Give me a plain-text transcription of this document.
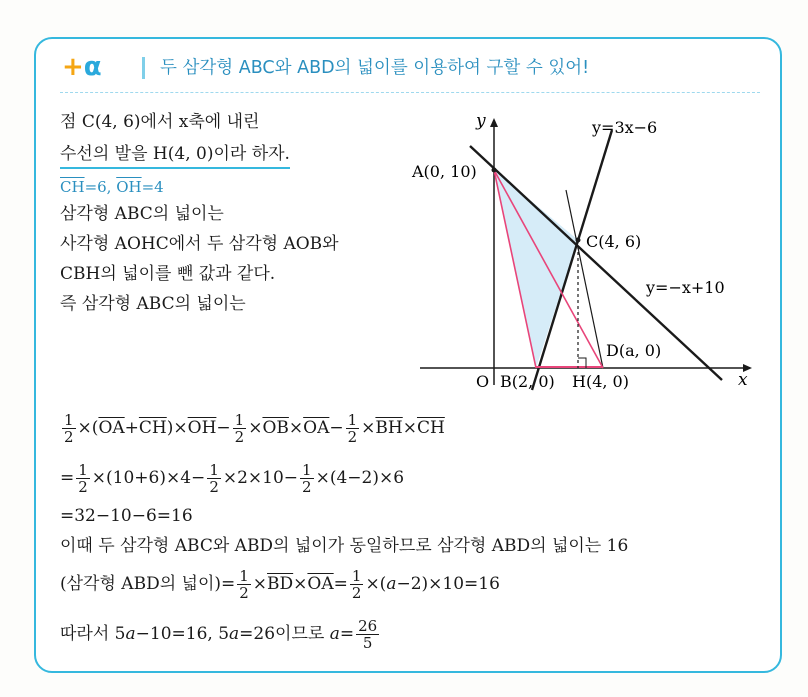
+α	두 삼각형 ABC와 ABD의 넓이를 이용하여 구할 수 있어!
점 C(4, 6)에서 x축에 내린
수선의 발을 H(4, 0)이라 하자.
$\overline{CH}=6$, $\overline{OH}=4$
삼각형 ABC의 넓이는
사각형 AOHC에서 두 삼각형 AOB와
CBH의 넓이를 뺀 값과 같다.
즉 삼각형 ABC의 넓이는
y
x
O
A(0, 10)
C(4, 6)
B(2, 0) H(4, 0)
D(a, 0)
y=3x−6
y=−x+10
$\frac{1}{2} \times(\overline{OA}+\overline{CH})\times\overline{OH}- \frac{1}{2} \times\overline{OB}\times\overline{OA}- \frac{1}{2} \times\overline{BH}\times\overline{CH}$
= $\frac{1}{2} \times(10+6)\times 4- \frac{1}{2} \times 2\times 10- \frac{1}{2} \times(4-2)\times 6$
=32−10−6=16
이때 두 삼각형 ABC와 ABD의 넓이가 동일하므로 삼각형 ABD의 넓이는 16
(삼각형 ABD의 넓이)= $\frac{1}{2} \times\overline{BD}\times\overline{OA}= \frac{1}{2} \times(a-2)\times 10=16$
따라서 5a−10=16, 5a=26이므로 $a= \frac{26}{5}$
